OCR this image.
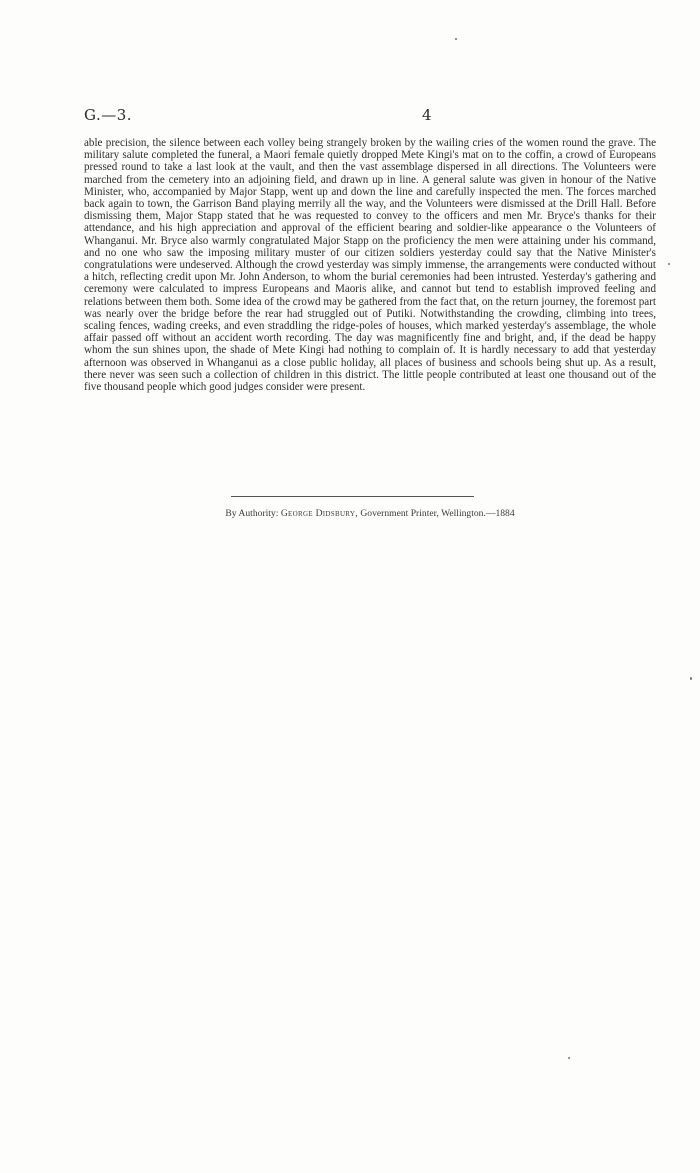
G.—3.	4

able precision, the silence between each volley being strangely broken by the wailing cries of the women round the grave. The military salute completed the funeral, a Maori female quietly dropped Mete Kingi's mat on to the coffin, a crowd of Europeans pressed round to take a last look at the vault, and then the vast assemblage dispersed in all directions. The Volunteers were marched from the cemetery into an adjoining field, and drawn up in line. A general salute was given in honour of the Native Minister, who, accompanied by Major Stapp, went up and down the line and carefully inspected the men. The forces marched back again to town, the Garrison Band playing merrily all the way, and the Volunteers were dismissed at the Drill Hall. Before dismissing them, Major Stapp stated that he was requested to convey to the officers and men Mr. Bryce's thanks for their attendance, and his high appreciation and approval of the efficient bearing and soldier-like appearance o the Volunteers of Whanganui. Mr. Bryce also warmly congratulated Major Stapp on the proficiency the men were attaining under his command, and no one who saw the imposing military muster of our citizen soldiers yesterday could say that the Native Minister's congratulations were undeserved. Although the crowd yesterday was simply immense, the arrangements were conducted without a hitch, reflecting credit upon Mr. John Anderson, to whom the burial ceremonies had been intrusted. Yesterday's gathering and ceremony were calculated to impress Europeans and Maoris alike, and cannot but tend to establish improved feeling and relations between them both. Some idea of the crowd may be gathered from the fact that, on the return journey, the foremost part was nearly over the bridge before the rear had struggled out of Putiki. Notwithstanding the crowding, climbing into trees, scaling fences, wading creeks, and even straddling the ridge-poles of houses, which marked yesterday's assemblage, the whole affair passed off without an accident worth recording. The day was magnificently fine and bright, and, if the dead be happy whom the sun shines upon, the shade of Mete Kingi had nothing to complain of. It is hardly necessary to add that yesterday afternoon was observed in Whanganui as a close public holiday, all places of business and schools being shut up. As a result, there never was seen such a collection of children in this district. The little people contributed at least one thousand out of the five thousand people which good judges consider were present.

By Authority: George Didsbury, Government Printer, Wellington.—1884
